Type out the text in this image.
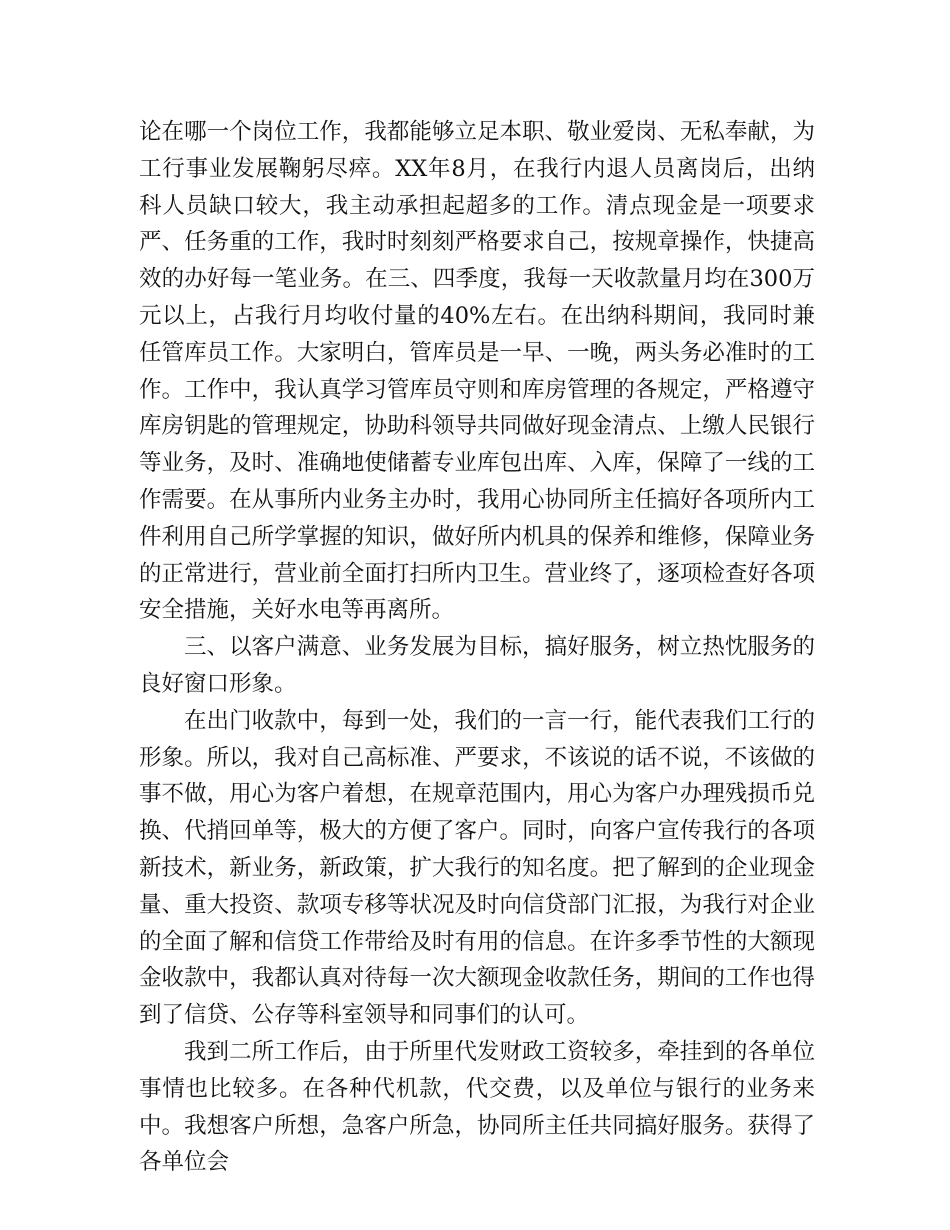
论在哪一个岗位工作，我都能够立足本职、敬业爱岗、无私奉献，为工行事业发展鞠躬尽瘁。XX年8月，在我行内退人员离岗后，出纳科人员缺口较大，我主动承担起超多的工作。清点现金是一项要求严、任务重的工作，我时时刻刻严格要求自己，按规章操作，快捷高效的办好每一笔业务。在三、四季度，我每一天收款量月均在300万元以上，占我行月均收付量的40%左右。在出纳科期间，我同时兼任管库员工作。大家明白，管库员是一早、一晚，两头务必准时的工作。工作中，我认真学习管库员守则和库房管理的各规定，严格遵守库房钥匙的管理规定，协助科领导共同做好现金清点、上缴人民银行等业务，及时、准确地使储蓄专业库包出库、入库，保障了一线的工作需要。在从事所内业务主办时，我用心协同所主任搞好各项所内工件利用自己所学掌握的知识，做好所内机具的保养和维修，保障业务的正常进行，营业前全面打扫所内卫生。营业终了，逐项检查好各项安全措施，关好水电等再离所。

三、以客户满意、业务发展为目标，搞好服务，树立热忱服务的良好窗口形象。

在出门收款中，每到一处，我们的一言一行，能代表我们工行的形象。所以，我对自己高标准、严要求，不该说的话不说，不该做的事不做，用心为客户着想，在规章范围内，用心为客户办理残损币兑换、代捎回单等，极大的方便了客户。同时，向客户宣传我行的各项新技术，新业务，新政策，扩大我行的知名度。把了解到的企业现金量、重大投资、款项专移等状况及时向信贷部门汇报，为我行对企业的全面了解和信贷工作带给及时有用的信息。在许多季节性的大额现金收款中，我都认真对待每一次大额现金收款任务，期间的工作也得到了信贷、公存等科室领导和同事们的认可。

我到二所工作后，由于所里代发财政工资较多，牵挂到的各单位事情也比较多。在各种代机款，代交费，以及单位与银行的业务来中。我想客户所想，急客户所急，协同所主任共同搞好服务。获得了各单位会
